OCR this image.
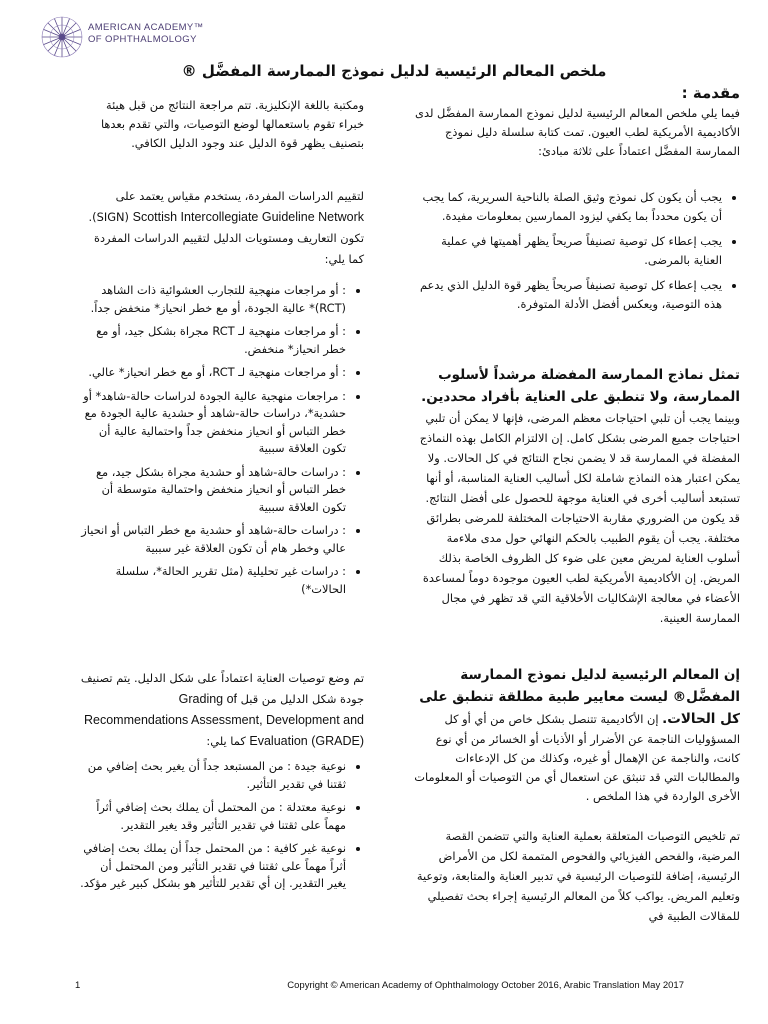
AMERICAN ACADEMY™
OF OPHTHALMOLOGY
ملخص المعالم الرئيسية لدليل نموذج الممارسة المفضَّل ®

مقدمة :

فيما يلي ملخص المعالم الرئيسية لدليل نموذج الممارسة المفضَّل لدى الأكاديمية الأمريكية لطب العيون. تمت كتابة سلسلة دليل نموذج الممارسة المفضَّل اعتماداً على ثلاثة مبادئ:

• يجب أن يكون كل نموذج وثيق الصلة بالناحية السريرية، كما يجب أن يكون محدداً بما يكفي ليزود الممارسين بمعلومات مفيدة.
• يجب إعطاء كل توصية تصنيفاً صريحاً يظهر أهميتها في عملية العناية بالمرضى.
• يجب إعطاء كل توصية تصنيفاً صريحاً يظهر قوة الدليل الذي يدعم هذه التوصية، ويعكس أفضل الأدلة المتوفرة.

تمثل نماذج الممارسة المفضلة مرشداً لأسلوب الممارسة، ولا تنطبق على العناية بأفراد محددين. وبينما يجب أن تلبي احتياجات معظم المرضى، فإنها لا يمكن أن تلبي احتياجات جميع المرضى بشكل كامل. إن الالتزام الكامل بهذه النماذج المفضلة في الممارسة قد لا يضمن نجاح النتائج في كل الحالات. ولا يمكن اعتبار هذه النماذج شاملة لكل أساليب العناية المناسبة، أو أنها تستبعد أساليب أخرى في العناية موجهة للحصول على أفضل النتائج. قد يكون من الضروري مقاربة الاحتياجات المختلفة للمرضى بطرائق مختلفة. يجب أن يقوم الطبيب بالحكم النهائي حول مدى ملاءمة أسلوب العناية لمريض معين على ضوء كل الظروف الخاصة بذلك المريض. إن الأكاديمية الأمريكية لطب العيون موجودة دوماً لمساعدة الأعضاء في معالجة الإشكاليات الأخلاقية التي قد تظهر في مجال الممارسة العينية.

إن المعالم الرئيسية لدليل نموذج الممارسة المفضَّل® ليست معايير طبية مطلقة تنطبق على كل الحالات. إن الأكاديمية تتنصل بشكل خاص من أي أو كل المسؤوليات الناجمة عن الأضرار أو الأذيات أو الخسائر من أي نوع كانت، والناجمة عن الإهمال أو غيره، وكذلك من كل الإدعاءات والمطالبات التي قد تنبثق عن استعمال أي من التوصيات أو المعلومات الأخرى الواردة في هذا الملخص .

تم تلخيص التوصيات المتعلقة بعملية العناية والتي تتضمن القصة المرضية، والفحص الفيزيائي والفحوص المتممة لكل من الأمراض الرئيسية، إضافة للتوصيات الرئيسية في تدبير العناية والمتابعة، وتوعية وتعليم المريض. يواكب كلاً من المعالم الرئيسية إجراء بحث تفصيلي للمقالات الطبية في

ومكتبة باللغة الإنكليزية. تتم مراجعة النتائج من قبل هيئة خبراء تقوم باستعمالها لوضع التوصيات، والتي تقدم بعدها بتصنيف يظهر قوة الدليل عند وجود الدليل الكافي.

لتقييم الدراسات المفردة، يستخدم مقياس يعتمد على Scottish Intercollegiate Guideline Network (SIGN). تكون التعاريف ومستويات الدليل لتقييم الدراسات المفردة كما يلي:

• : أو مراجعات منهجية للتجارب العشوائية ذات الشاهد (RCT)* عالية الجودة، أو مع خطر انحياز* منخفض جداً.
• : أو مراجعات منهجية لـ RCT مجراة بشكل جيد، أو مع خطر انحياز* منخفض.
• : أو مراجعات منهجية لـ RCT، أو مع خطر انحياز* عالي.
• : مراجعات منهجية عالية الجودة لدراسات حالة-شاهد* أو حشدية*، دراسات حالة-شاهد أو حشدية عالية الجودة مع خطر التباس أو انحياز منخفض جداً واحتمالية عالية أن تكون العلاقة سببية
• : دراسات حالة-شاهد أو حشدية مجراة بشكل جيد، مع خطر التباس أو انحياز منخفض واحتمالية متوسطة أن تكون العلاقة سببية
• : دراسات حالة-شاهد أو حشدية مع خطر التباس أو انحياز عالي وخطر هام أن تكون العلاقة غير سببية
• : دراسات غير تحليلية (مثل تقرير الحالة*، سلسلة الحالات*)

تم وضع توصيات العناية اعتماداً على شكل الدليل. يتم تصنيف جودة شكل الدليل من قبل Grading of Recommendations Assessment, Development and Evaluation (GRADE) كما يلي:

• نوعية جيدة : من المستبعد جداً أن يغير بحث إضافي من ثقتنا في تقدير التأثير.
• نوعية معتدلة : من المحتمل أن يملك بحث إضافي أثراً مهماً على ثقتنا في تقدير التأثير وقد يغير التقدير.
• نوعية غير كافية : من المحتمل جداً أن يملك بحث إضافي أثراً مهماً على ثقتنا في تقدير التأثير ومن المحتمل أن يغير التقدير. إن أي تقدير للتأثير هو بشكل كبير غير مؤكد.
1	Copyright © American Academy of Ophthalmology October 2016, Arabic Translation May 2017
